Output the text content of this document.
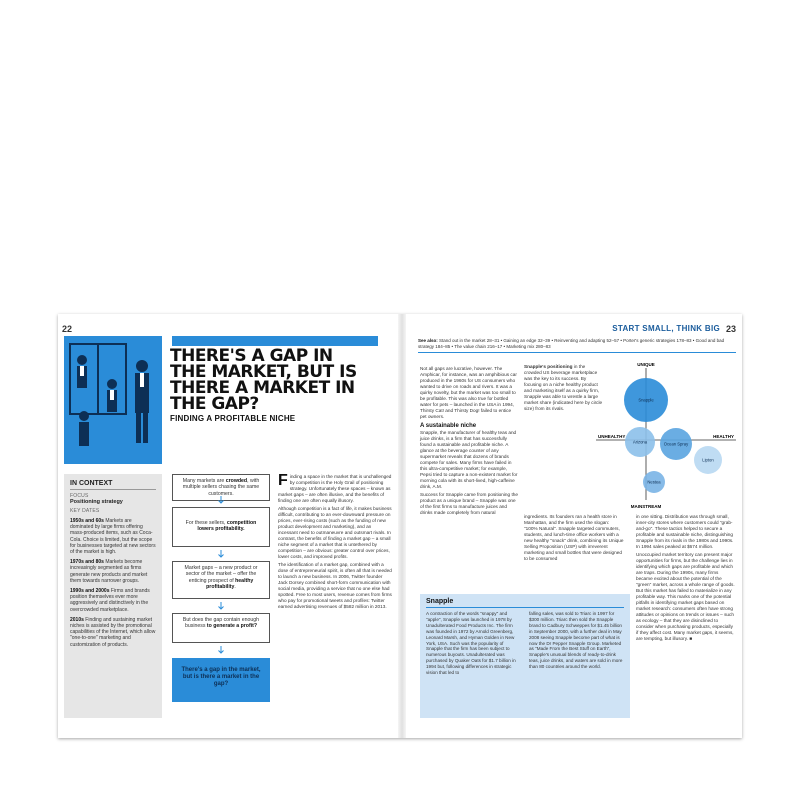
22	23
START SMALL, THINK BIG
THERE'S A GAP IN THE MARKET, BUT IS THERE A MARKET IN THE GAP?
FINDING A PROFITABLE NICHE
IN CONTEXT
FOCUS
Positioning strategy
KEY DATES
1950s and 60s Markets are dominated by large firms offering mass-produced items, such as Coca-Cola. Choice is limited, but the scope for businesses targeted at new sectors of the market is high.
1970s and 80s Markets become increasingly segmented as firms generate new products and market them towards narrower groups.
1990s and 2000s Firms and brands position themselves ever more aggressively and distinctively in the overcrowded marketplace.
2010s Finding and sustaining market niches is assisted by the promotional capabilities of the Internet, which allow "one-to-one" marketing and customization of products.
Many markets are crowded, with multiple sellers chasing the same customers.
For these sellers, competition lowers profitability.
Market gaps – a new product or sector of the market – offer the enticing prospect of healthy profitability.
But does the gap contain enough business to generate a profit?
There's a gap in the market, but is there a market in the gap?

Finding a space in the market that is unchallenged by competition is the Holy Grail of positioning strategy. Unfortunately these spaces – known as market gaps – are often illusive, and the benefits of finding one are often equally illusory.

Although competition is a fact of life, it makes business difficult, contributing to an ever-downward pressure on prices, ever-rising costs (such as the funding of new product development and marketing), and an incessant need to outmaneuvre and outsmart rivals. In contrast, the benefits of finding a market gap – a small niche segment of a market that is untethered by competition – are obvious: greater control over prices, lower costs, and improved profits.

The identification of a market gap, combined with a dose of entrepreneurial spirit, is often all that is needed to launch a new business. In 2006, Twitter founder Jack Dorsey combined short-form communication with social media, providing a service that no one else had spotted. Free to most users, revenue comes from firms who pay for promotional tweets and profiles: Twitter earned advertising revenues of $582 million in 2013.

See also: Stand out in the market 28–31 • Gaining an edge 32–39 • Reinventing and adapting 52–57 • Porter's generic strategies 178–83 • Good and bad strategy 184–85 • The value chain 216–17 • Marketing mix 280–83

Not all gaps are lucrative, however. The Amphicar, for instance, was an amphibious car produced in the 1960s for US consumers who wanted to drive on roads and rivers. It was a quirky novelty, but the market was too small to be profitable. This was also true for bottled water for pets – launched in the USA in 1994, Thirsty Cat! and Thirsty Dog! failed to entice pet owners.

A sustainable niche

Snapple, the manufacturer of healthy teas and juice drinks, is a firm that has successfully found a sustainable and profitable niche. A glance at the beverage counter of any supermarket reveals that dozens of brands compete for sales. Many firms have failed in this ultra-competitive market; for example, Pepsi tried to capture a non-existent market for morning cola with its short-lived, high-caffeine drink, A.M.

Success for Snapple came from positioning the product as a unique brand – Snapple was one of the first firms to manufacture juices and drinks made completely from natural

Snapple's positioning in the crowded US beverage marketplace was the key to its success. By focusing on a niche healthy product and marketing itself as a quirky firm, Snapple was able to wrestle a large market share (indicated here by circle size) from its rivals.
UNIQUE
MAINSTREAM
UNHEALTHY	HEALTHY
Snapple
Arizona	Ocean Spray
Lipton
Nestea
Snapple
A contraction of the words "snappy" and "apple", Snapple was launched in 1978 by Unadulterated Food Products Inc. The firm was founded in 1972 by Arnold Greenberg, Leonard Marsh, and Hyman Golden in New York, USA. Such was the popularity of Snapple that the firm has been subject to numerous buyouts. Unadulterated was purchased by Quaker Oats for $1.7 billion in 1994 but, following differences in strategic vision that led to
falling sales, was sold to Triarc in 1997 for $300 million. Triarc then sold the Snapple brand to Cadbury Schweppes for $1.45 billion in September 2000, with a further deal in May 2008 seeing Snapple become part of what is now the Dr Pepper Snapple Group. Marketed as "Made From the Best Stuff on Earth", Snapple's unusual blends of ready-to-drink teas, juice drinks, and waters are sold in more than 80 countries around the world.

ingredients. Its founders ran a health store in Manhattan, and the firm used the slogan: "100% Natural". Snapple targeted commuters, students, and lunch-time office workers with a new healthy "snack" drink, combining its Unique Selling Proposition (USP) with irreverent marketing and small bottles that were designed to be consumed

in one sitting. Distribution was through small, inner-city stores where customers could "grab-and-go". These tactics helped to secure a profitable and sustainable niche, distinguishing Snapple from its rivals in the 1980s and 1990s. In 1994 sales peaked at $674 million.

Unoccupied market territory can present major opportunities for firms, but the challenge lies in identifying which gaps are profitable and which are traps. During the 1990s, many firms became excited about the potential of the "green" market, across a whole range of goods. But this market has failed to materialize in any profitable way. This marks one of the potential pitfalls in identifying market gaps based on market research: consumers often have strong attitudes or opinions on trends or issues – such as ecology – that they are disinclined to consider when purchasing products, especially if they affect cost. Many market gaps, it seems, are tempting, but illusory. ■
